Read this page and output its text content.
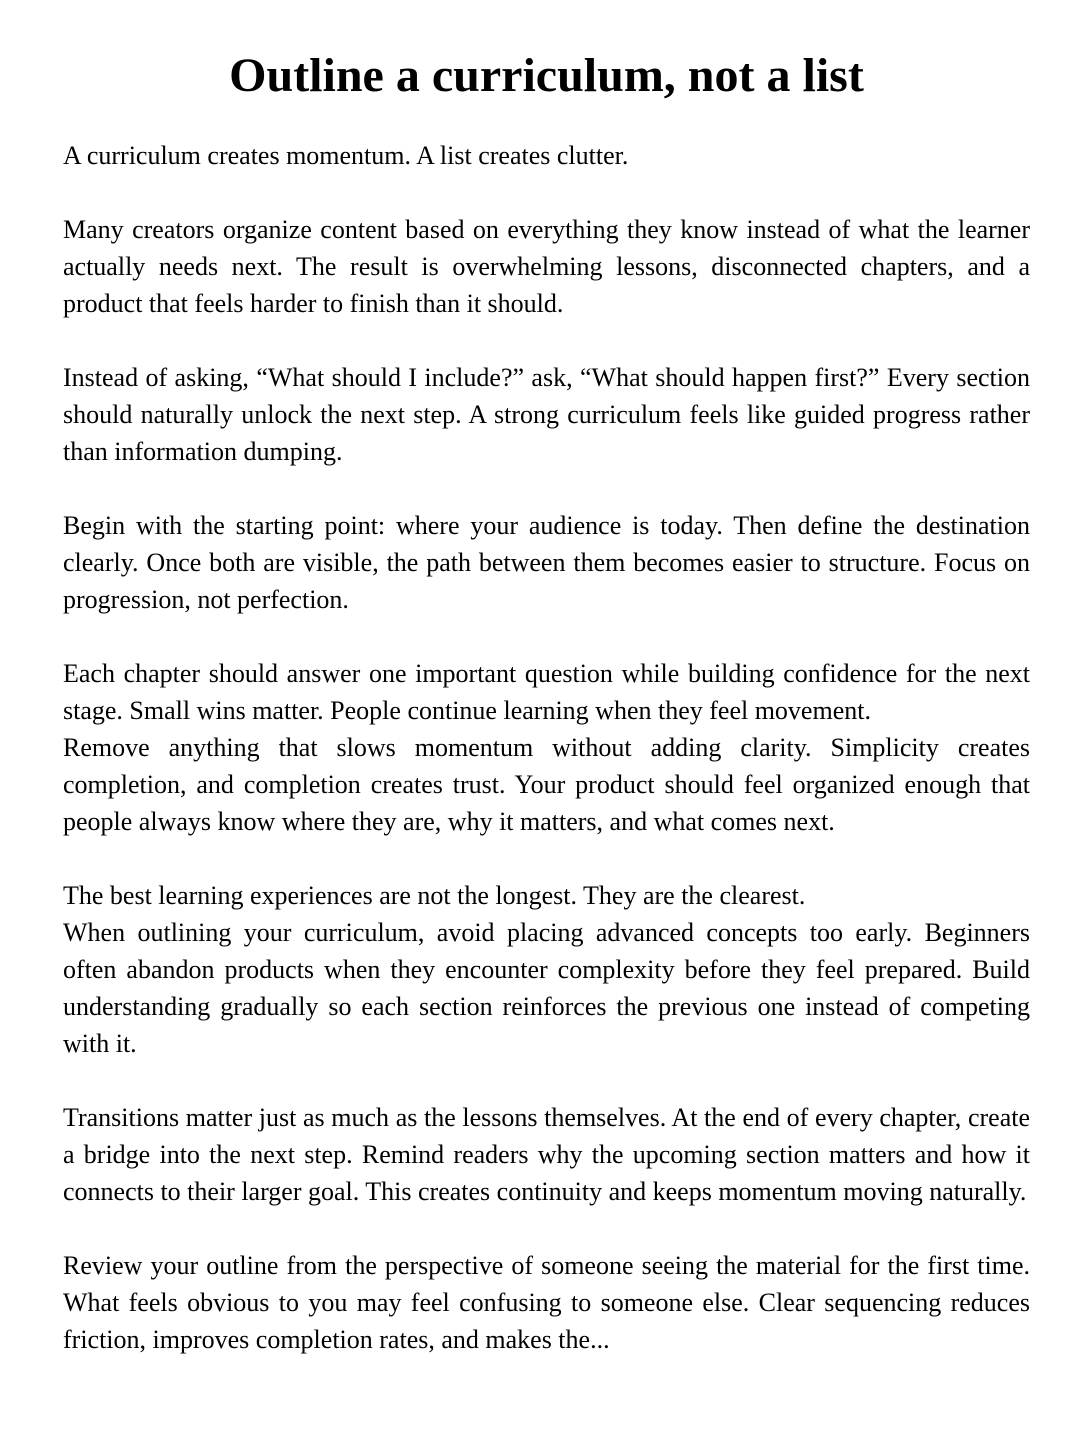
Outline a curriculum, not a list

A curriculum creates momentum. A list creates clutter.

Many creators organize content based on everything they know instead of what the learner actually needs next. The result is overwhelming lessons, disconnected chapters, and a product that feels harder to finish than it should.

Instead of asking, “What should I include?” ask, “What should happen first?” Every section should naturally unlock the next step. A strong curriculum feels like guided progress rather than information dumping.

Begin with the starting point: where your audience is today. Then define the destination clearly. Once both are visible, the path between them becomes easier to structure. Focus on progression, not perfection.

Each chapter should answer one important question while building confidence for the next stage. Small wins matter. People continue learning when they feel movement.

Remove anything that slows momentum without adding clarity. Simplicity creates completion, and completion creates trust. Your product should feel organized enough that people always know where they are, why it matters, and what comes next.

The best learning experiences are not the longest. They are the clearest.

When outlining your curriculum, avoid placing advanced concepts too early. Beginners often abandon products when they encounter complexity before they feel prepared. Build understanding gradually so each section reinforces the previous one instead of competing with it.

Transitions matter just as much as the lessons themselves. At the end of every chapter, create a bridge into the next step. Remind readers why the upcoming section matters and how it connects to their larger goal. This creates continuity and keeps momentum moving naturally.

Review your outline from the perspective of someone seeing the material for the first time. What feels obvious to you may feel confusing to someone else. Clear sequencing reduces friction, improves completion rates, and makes the...
